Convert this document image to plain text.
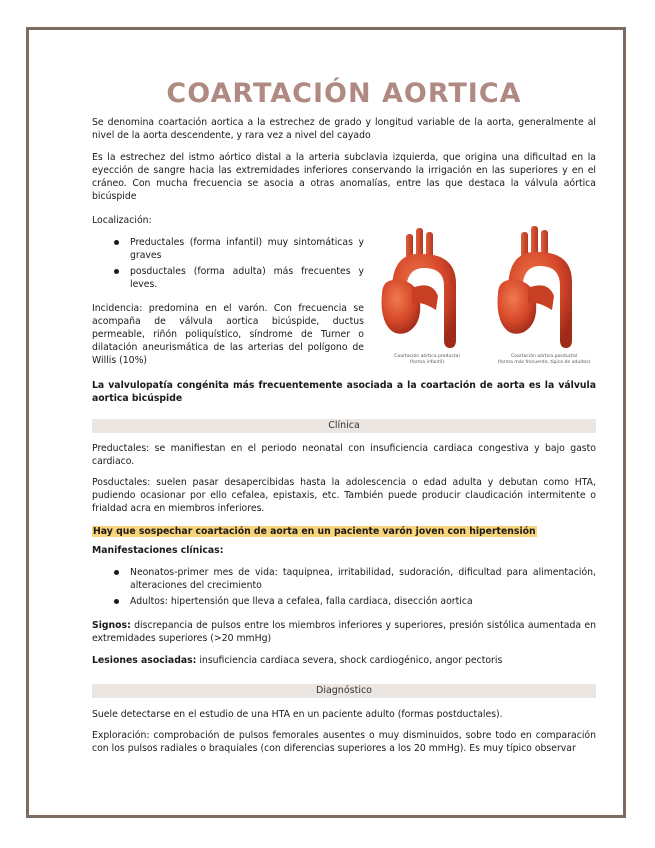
COARTACIÓN AORTICA

Se denomina coartación aortica a la estrechez de grado y longitud variable de la aorta, generalmente al nivel de la aorta descendente, y rara vez a nivel del cayado

Es la estrechez del istmo aórtico distal a la arteria subclavia izquierda, que origina una dificultad en la eyección de sangre hacia las extremidades inferiores conservando la irrigación en las superiores y en el cráneo. Con mucha frecuencia se asocia a otras anomalías, entre las que destaca la válvula aórtica bicúspide

Localización:

Preductales (forma infantil) muy sintomáticas y graves
posductales (forma adulta) más frecuentes y leves.

Incidencia: predomina en el varón. Con frecuencia se acompaña de válvula aortica bicúspide, ductus permeable, riñón poliquístico, síndrome de Turner o dilatación aneurismática de las arterias del polígono de Willis (10%)	Coartación aórtica preductal
(forma infantil)
Coartación aórtica posductal
(forma más frecuente, típica de adultos)

La valvulopatía congénita más frecuentemente asociada a la coartación de aorta es la válvula aortica bicúspide

Clínica

Preductales: se manifiestan en el periodo neonatal con insuficiencia cardiaca congestiva y bajo gasto cardiaco.

Posductales: suelen pasar desapercibidas hasta la adolescencia o edad adulta y debutan como HTA, pudiendo ocasionar por ello cefalea, epistaxis, etc. También puede producir claudicación intermitente o frialdad acra en miembros inferiores.

Hay que sospechar coartación de aorta en un paciente varón joven con hipertensión

Manifestaciones clínicas:

Neonatos-primer mes de vida: taquipnea, irritabilidad, sudoración, dificultad para alimentación, alteraciones del crecimiento
Adultos: hipertensión que lleva a cefalea, falla cardiaca, disección aortica

Signos: discrepancia de pulsos entre los miembros inferiores y superiores, presión sistólica aumentada en extremidades superiores (>20 mmHg)

Lesiones asociadas: insuficiencia cardiaca severa, shock cardiogénico, angor pectoris

Diagnóstico

Suele detectarse en el estudio de una HTA en un paciente adulto (formas postductales).

Exploración: comprobación de pulsos femorales ausentes o muy disminuidos, sobre todo en comparación con los pulsos radiales o braquiales (con diferencias superiores a los 20 mmHg). Es muy típico observar
